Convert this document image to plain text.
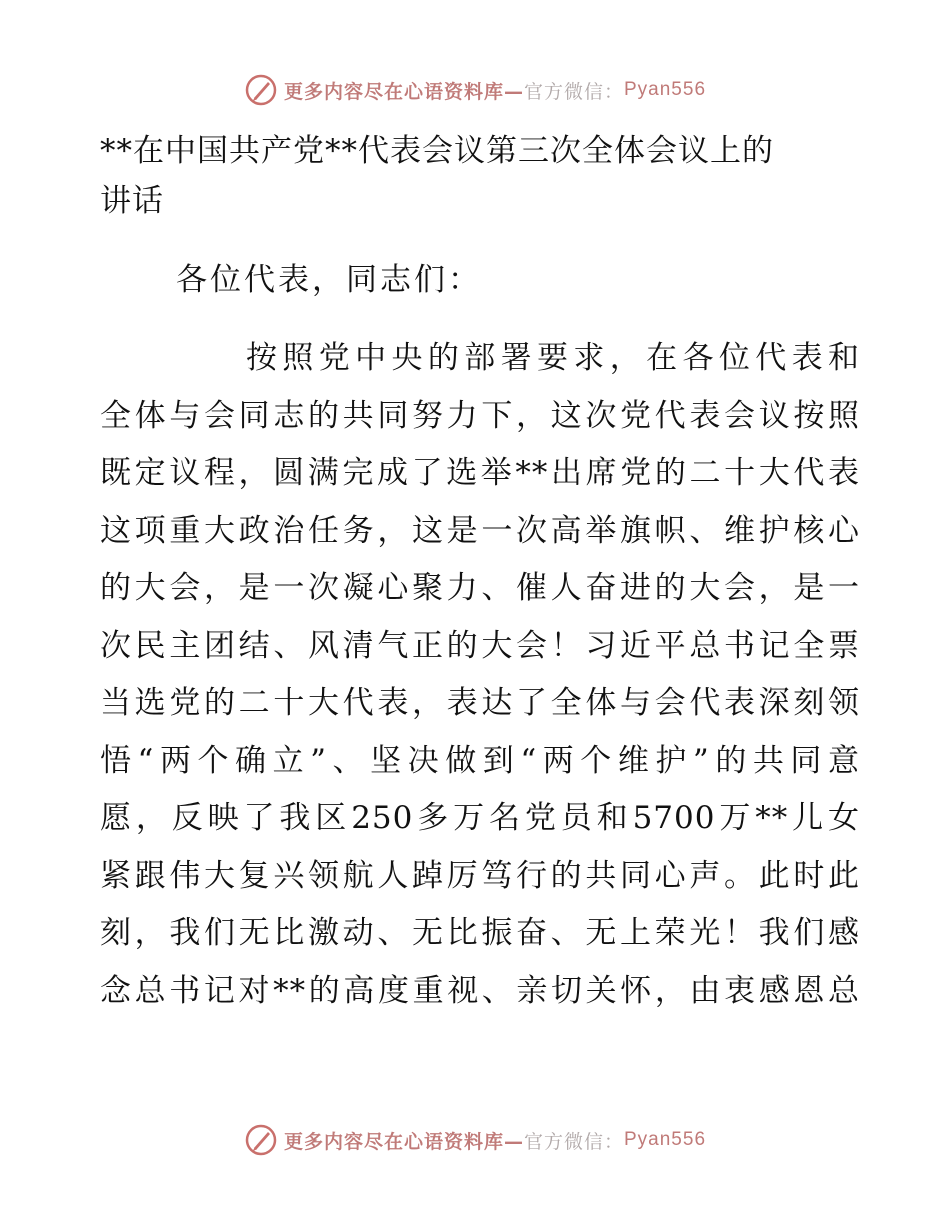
更多内容尽在心语资料库— 官方微信： Pyan556
**在中国共产党**代表会议第三次全体会议上的
讲话

各位代表，同志们：

按照党中央的部署要求，在各位代表和
全体与会同志的共同努力下，这次党代表会议按照
既定议程，圆满完成了选举**出席党的二十大代表
这项重大政治任务，这是一次高举旗帜、维护核心
的大会，是一次凝心聚力、催人奋进的大会，是一
次民主团结、风清气正的大会！习近平总书记全票
当选党的二十大代表，表达了全体与会代表深刻领
悟“两个确立”、坚决做到“两个维护”的共同意
愿，反映了我区250多万名党员和5700万**儿女
紧跟伟大复兴领航人踔厉笃行的共同心声。此时此
刻，我们无比激动、无比振奋、无上荣光！我们感
念总书记对**的高度重视、亲切关怀，由衷感恩总
更多内容尽在心语资料库— 官方微信： Pyan556
